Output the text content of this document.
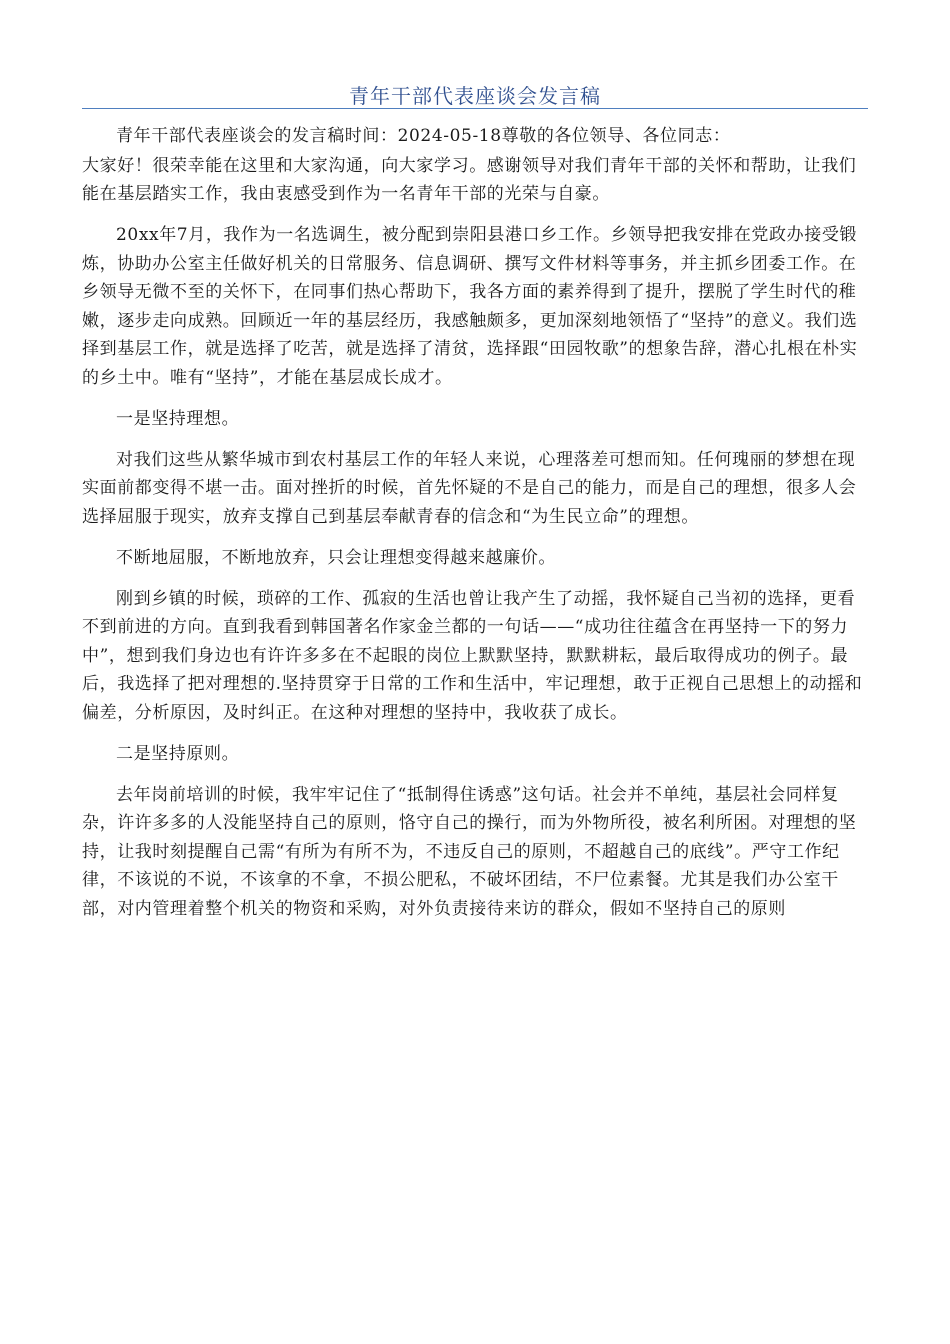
青年干部代表座谈会发言稿

青年干部代表座谈会的发言稿时间：2024-05-18尊敬的各位领导、各位同志：

大家好！很荣幸能在这里和大家沟通，向大家学习。感谢领导对我们青年干部的关怀和帮助，让我们能在基层踏实工作，我由衷感受到作为一名青年干部的光荣与自豪。

20xx年7月，我作为一名选调生，被分配到崇阳县港口乡工作。乡领导把我安排在党政办接受锻炼，协助办公室主任做好机关的日常服务、信息调研、撰写文件材料等事务，并主抓乡团委工作。在乡领导无微不至的关怀下，在同事们热心帮助下，我各方面的素养得到了提升，摆脱了学生时代的稚嫩，逐步走向成熟。回顾近一年的基层经历，我感触颇多，更加深刻地领悟了“坚持”的意义。我们选择到基层工作，就是选择了吃苦，就是选择了清贫，选择跟“田园牧歌”的想象告辞，潜心扎根在朴实的乡土中。唯有“坚持”，才能在基层成长成才。

一是坚持理想。

对我们这些从繁华城市到农村基层工作的年轻人来说，心理落差可想而知。任何瑰丽的梦想在现实面前都变得不堪一击。面对挫折的时候，首先怀疑的不是自己的能力，而是自己的理想，很多人会选择屈服于现实，放弃支撑自己到基层奉献青春的信念和“为生民立命”的理想。

不断地屈服，不断地放弃，只会让理想变得越来越廉价。

刚到乡镇的时候，琐碎的工作、孤寂的生活也曾让我产生了动摇，我怀疑自己当初的选择，更看不到前进的方向。直到我看到韩国著名作家金兰都的一句话——“成功往往蕴含在再坚持一下的努力中”，想到我们身边也有许许多多在不起眼的岗位上默默坚持，默默耕耘，最后取得成功的例子。最后，我选择了把对理想的.坚持贯穿于日常的工作和生活中，牢记理想，敢于正视自己思想上的动摇和偏差，分析原因，及时纠正。在这种对理想的坚持中，我收获了成长。

二是坚持原则。

去年岗前培训的时候，我牢牢记住了“抵制得住诱惑”这句话。社会并不单纯，基层社会同样复杂，许许多多的人没能坚持自己的原则，恪守自己的操行，而为外物所役，被名利所困。对理想的坚持，让我时刻提醒自己需“有所为有所不为，不违反自己的原则，不超越自己的底线”。严守工作纪律，不该说的不说，不该拿的不拿，不损公肥私，不破坏团结，不尸位素餐。尤其是我们办公室干部，对内管理着整个机关的物资和采购，对外负责接待来访的群众，假如不坚持自己的原则
